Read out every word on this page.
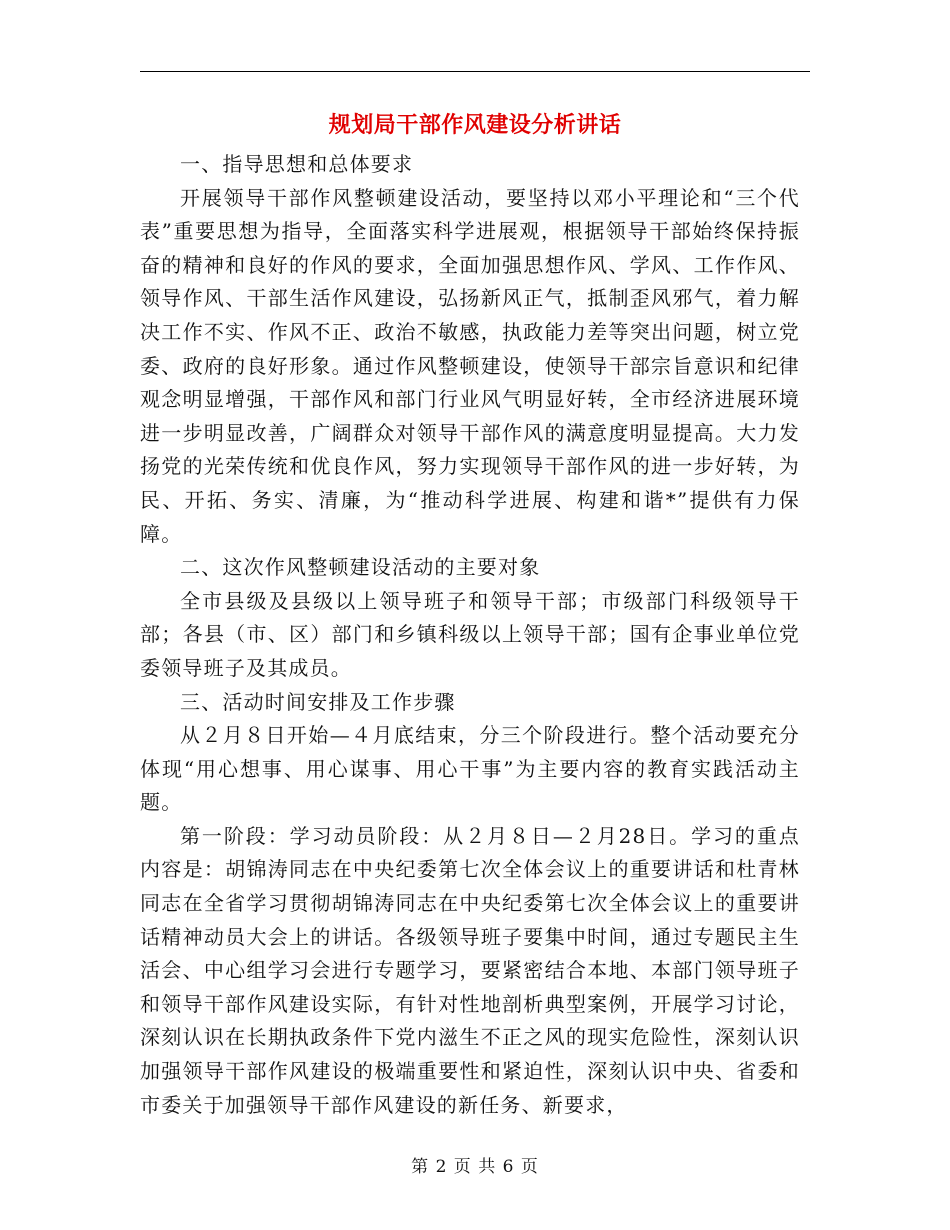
规划局干部作风建设分析讲话

一、指导思想和总体要求

开展领导干部作风整顿建设活动，要坚持以邓小平理论和“三个代表”重要思想为指导，全面落实科学进展观，根据领导干部始终保持振奋的精神和良好的作风的要求，全面加强思想作风、学风、工作作风、领导作风、干部生活作风建设，弘扬新风正气，抵制歪风邪气，着力解决工作不实、作风不正、政治不敏感，执政能力差等突出问题，树立党委、政府的良好形象。通过作风整顿建设，使领导干部宗旨意识和纪律观念明显增强，干部作风和部门行业风气明显好转，全市经济进展环境进一步明显改善，广阔群众对领导干部作风的满意度明显提高。大力发扬党的光荣传统和优良作风，努力实现领导干部作风的进一步好转，为民、开拓、务实、清廉，为“推动科学进展、构建和谐*”提供有力保障。

二、这次作风整顿建设活动的主要对象

全市县级及县级以上领导班子和领导干部；市级部门科级领导干部；各县（市、区）部门和乡镇科级以上领导干部；国有企事业单位党委领导班子及其成员。

三、活动时间安排及工作步骤

从２月８日开始—４月底结束，分三个阶段进行。整个活动要充分体现“用心想事、用心谋事、用心干事”为主要内容的教育实践活动主题。

第一阶段：学习动员阶段：从２月８日—２月28日。学习的重点内容是：胡锦涛同志在中央纪委第七次全体会议上的重要讲话和杜青林同志在全省学习贯彻胡锦涛同志在中央纪委第七次全体会议上的重要讲话精神动员大会上的讲话。各级领导班子要集中时间，通过专题民主生活会、中心组学习会进行专题学习，要紧密结合本地、本部门领导班子和领导干部作风建设实际，有针对性地剖析典型案例，开展学习讨论，深刻认识在长期执政条件下党内滋生不正之风的现实危险性，深刻认识加强领导干部作风建设的极端重要性和紧迫性，深刻认识中央、省委和市委关于加强领导干部作风建设的新任务、新要求，

第 2 页 共 6 页
